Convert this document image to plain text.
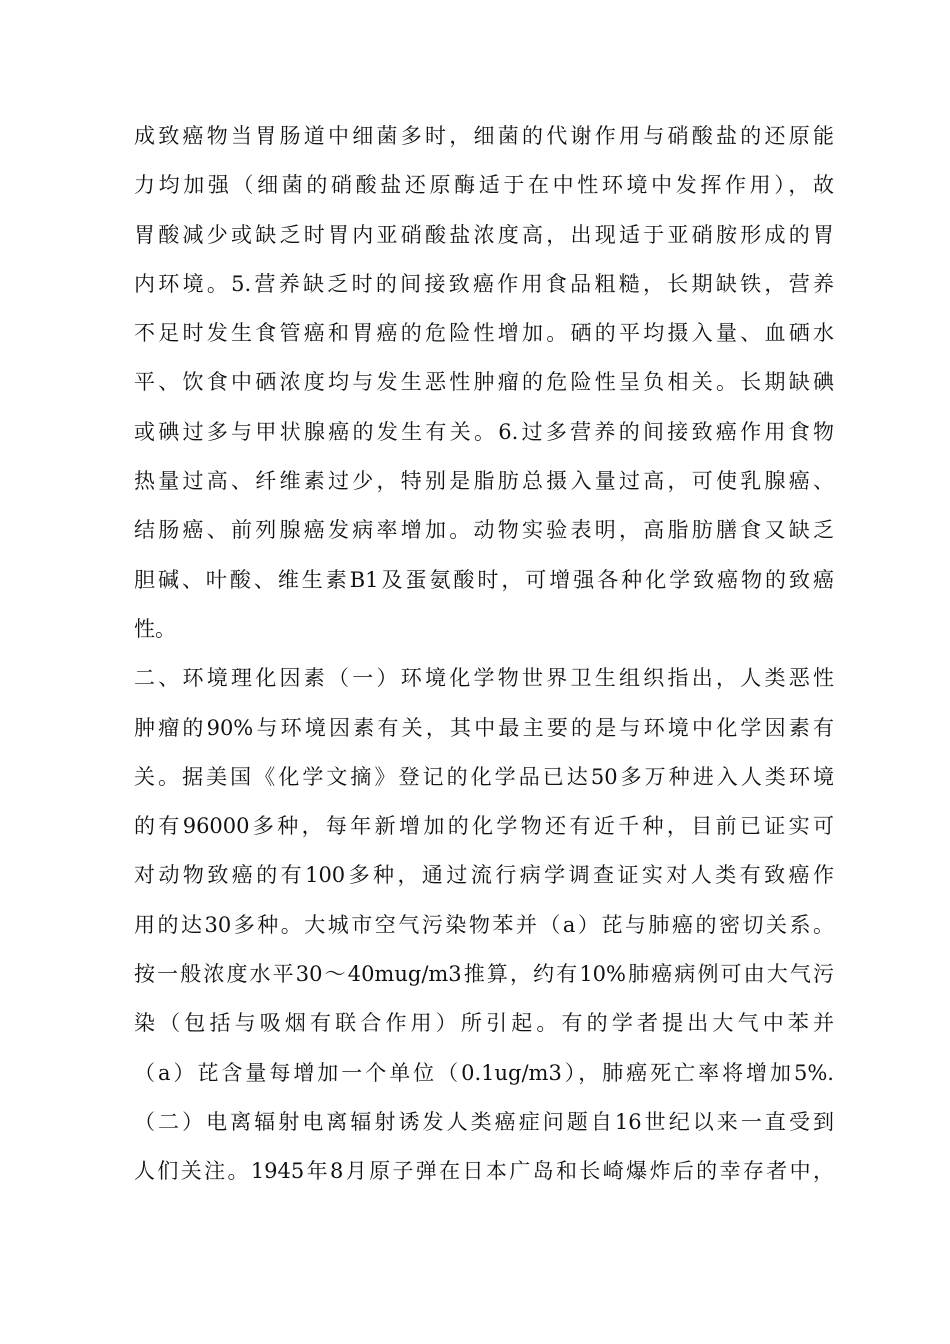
成致癌物当胃肠道中细菌多时，细菌的代谢作用与硝酸盐的还原能
力均加强（细菌的硝酸盐还原酶适于在中性环境中发挥作用），故
胃酸减少或缺乏时胃内亚硝酸盐浓度高，出现适于亚硝胺形成的胃
内环境。5.营养缺乏时的间接致癌作用食品粗糙，长期缺铁，营养
不足时发生食管癌和胃癌的危险性增加。硒的平均摄入量、血硒水
平、饮食中硒浓度均与发生恶性肿瘤的危险性呈负相关。长期缺碘
或碘过多与甲状腺癌的发生有关。6.过多营养的间接致癌作用食物
热量过高、纤维素过少，特别是脂肪总摄入量过高，可使乳腺癌、
结肠癌、前列腺癌发病率增加。动物实验表明，高脂肪膳食又缺乏
胆碱、叶酸、维生素B1及蛋氨酸时，可增强各种化学致癌物的致癌
性。
二、环境理化因素（一）环境化学物世界卫生组织指出，人类恶性
肿瘤的90%与环境因素有关，其中最主要的是与环境中化学因素有
关。据美国《化学文摘》登记的化学品已达50多万种进入人类环境
的有96000多种，每年新增加的化学物还有近千种，目前已证实可
对动物致癌的有100多种，通过流行病学调查证实对人类有致癌作
用的达30多种。大城市空气污染物苯并（a）芘与肺癌的密切关系。
按一般浓度水平30～40mug/m3推算，约有10%肺癌病例可由大气污
染（包括与吸烟有联合作用）所引起。有的学者提出大气中苯并
（a）芘含量每增加一个单位（0.1ug/m3），肺癌死亡率将增加5%.
（二）电离辐射电离辐射诱发人类癌症问题自16世纪以来一直受到
人们关注。1945年8月原子弹在日本广岛和长崎爆炸后的幸存者中，
